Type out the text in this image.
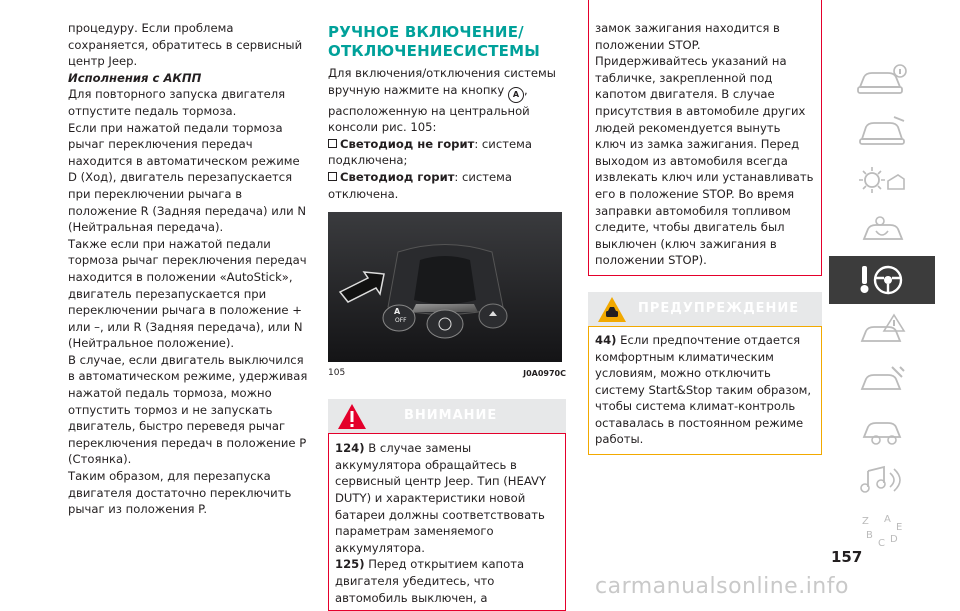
процедуру. Если проблема сохраняется, обратитесь в сервисный центр Jeep.

Исполнения с АКПП

Для повторного запуска двигателя отпустите педаль тормоза.

Если при нажатой педали тормоза рычаг переключения передач находится в автоматическом режиме D (Ход), двигатель перезапускается при переключении рычага в положение R (Задняя передача) или N (Нейтральная передача).

Также если при нажатой педали тормоза рычаг переключения передач находится в положении «AutoStick», двигатель перезапускается при переключении рычага в положение + или –, или R (Задняя передача), или N (Нейтральное положение).

В случае, если двигатель выключился в автоматическом режиме, удерживая нажатой педаль тормоза, можно отпустить тормоз и не запускать двигатель, быстро переведя рычаг переключения передач в положение P (Стоянка).

Таким образом, для перезапуска двигателя достаточно переключить рычаг из положения P.

РУЧНОЕ ВКЛЮЧЕНИЕ/
ОТКЛЮЧЕНИЕСИСТЕМЫ

Для включения/отключения системы вручную нажмите на кнопку A , расположенную на центральной консоли рис. 105:

Светодиод не горит: система подключена;

Светодиод горит: система отключена.

OFF
A
105	J0A0970C
ВНИМАНИЕ

124) В случае замены аккумулятора обращайтесь в сервисный центр Jeep. Тип (HEAVY DUTY) и характеристики новой батареи должны соответствовать параметрам заменяемого аккумулятора.

125) Перед открытием капота двигателя убедитесь, что автомобиль выключен, а

замок зажигания находится в положении STOP. Придерживайтесь указаний на табличке, закрепленной под капотом двигателя. В случае присутствия в автомобиле других людей рекомендуется вынуть ключ из замка зажигания. Перед выходом из автомобиля всегда извлекать ключ или устанавливать его в положение STOP. Во время заправки автомобиля топливом следите, чтобы двигатель был выключен (ключ зажигания в положении STOP).

ПРЕДУПРЕЖДЕНИЕ

44) Если предпочтение отдается комфортным климатическим условиям, можно отключить систему Start&Stop таким образом, чтобы система климат-контроль оставалась в постоянном режиме работы.

Z A
E
B
C D
157
carmanualsonline.info
